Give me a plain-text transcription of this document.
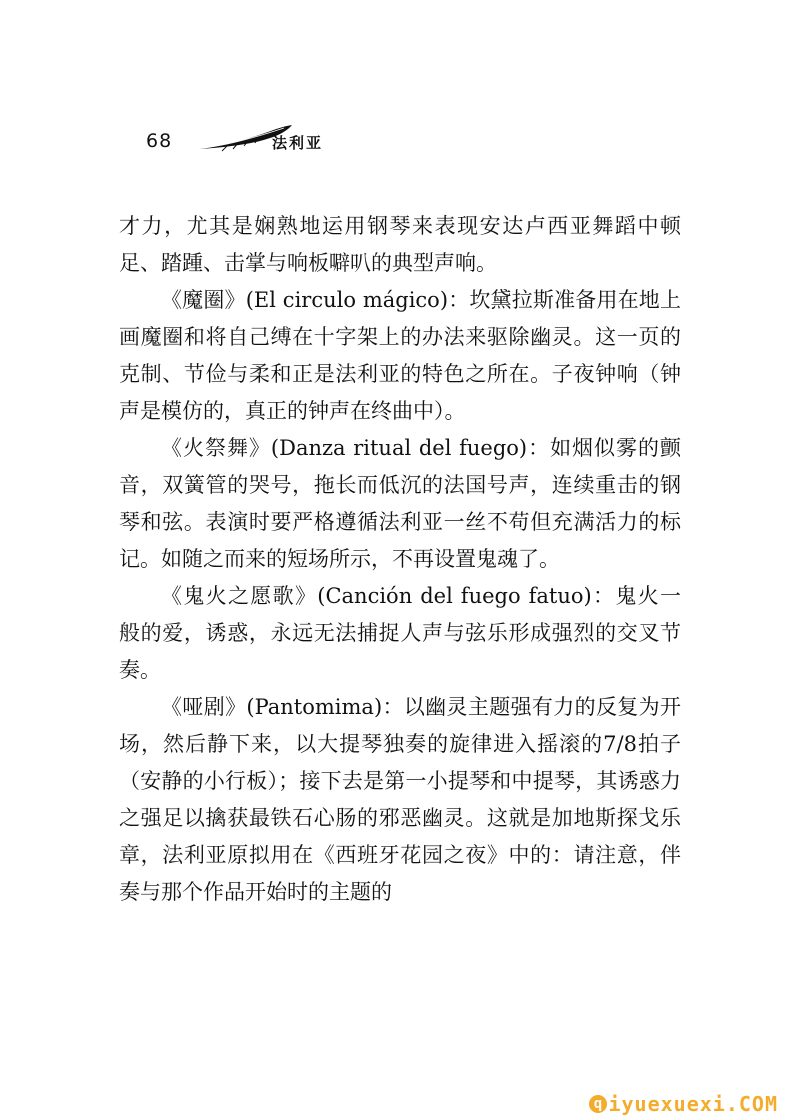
68	法利亚

才力，尤其是娴熟地运用钢琴来表现安达卢西亚舞蹈中顿足、踏踵、击掌与响板噼叭的典型声响。

《魔圈》(El circulo mágico)：坎黛拉斯准备用在地上画魔圈和将自己缚在十字架上的办法来驱除幽灵。这一页的克制、节俭与柔和正是法利亚的特色之所在。子夜钟响（钟声是模仿的，真正的钟声在终曲中）。

《火祭舞》(Danza ritual del fuego)：如烟似雾的颤音，双簧管的哭号，拖长而低沉的法国号声，连续重击的钢琴和弦。表演时要严格遵循法利亚一丝不苟但充满活力的标记。如随之而来的短场所示，不再设置鬼魂了。

《鬼火之愿歌》(Canción del fuego fatuo)：鬼火一般的爱，诱惑，永远无法捕捉人声与弦乐形成强烈的交叉节奏。

《哑剧》(Pantomima)：以幽灵主题强有力的反复为开场，然后静下来，以大提琴独奏的旋律进入摇滚的7/8拍子（安静的小行板）；接下去是第一小提琴和中提琴，其诱惑力之强足以擒获最铁石心肠的邪恶幽灵。这就是加地斯探戈乐章，法利亚原拟用在《西班牙花园之夜》中的：请注意，伴奏与那个作品开始时的主题的

q iyuexuexi.COM
